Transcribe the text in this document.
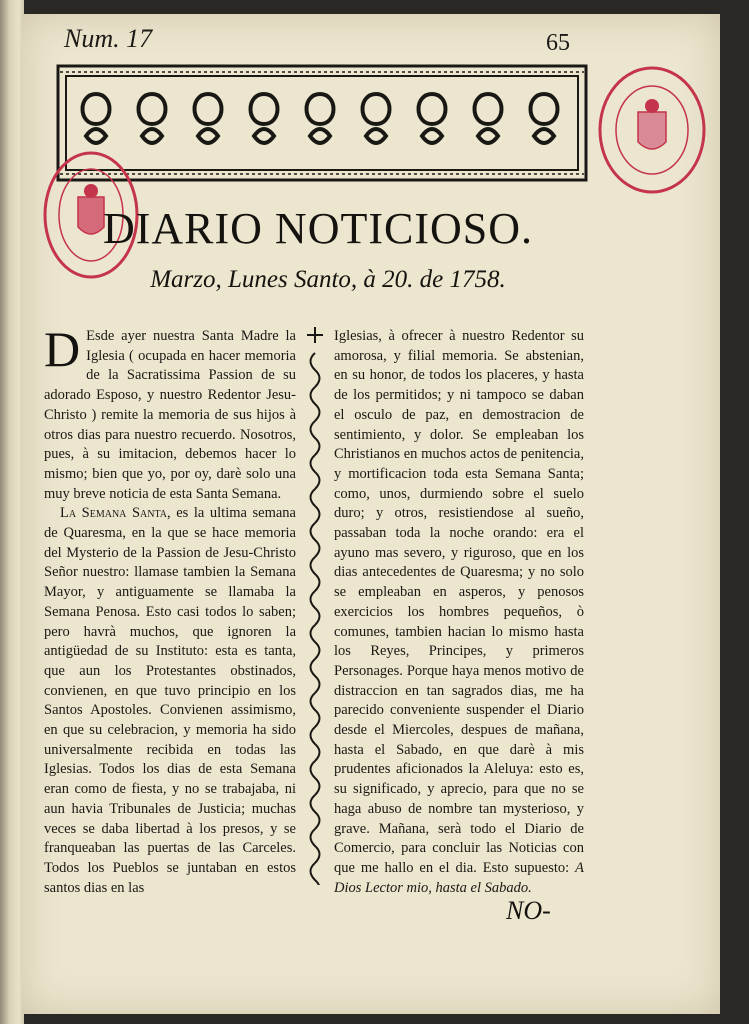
Num. 17	65
DIARIO NOTICIOSO.
Marzo, Lunes Santo, à 20. de 1758.

D Esde ayer nuestra Santa Madre la Iglesia ( ocupada en hacer memoria de la Sacratissima Passion de su adorado Esposo, y nuestro Redentor Jesu-Christo ) remite la memoria de sus hijos à otros dias para nuestro recuerdo. Nosotros, pues, à su imitacion, debemos hacer lo mismo; bien que yo, por oy, darè solo una muy breve noticia de esta Santa Semana.

La Semana Santa, es la ultima semana de Quaresma, en la que se hace memoria del Mysterio de la Passion de Jesu-Christo Señor nuestro: llamase tambien la Semana Mayor, y antiguamente se llamaba la Semana Penosa. Esto casi todos lo saben; pero havrà muchos, que ignoren la antigüedad de su Instituto: esta es tanta, que aun los Protestantes obstinados, convienen, en que tuvo principio en los Santos Apostoles. Convienen assimismo, en que su celebracion, y memoria ha sido universalmente recibida en todas las Iglesias. Todos los dias de esta Semana eran como de fiesta, y no se trabajaba, ni aun havia Tribunales de Justicia; muchas veces se daba libertad à los presos, y se franqueaban las puertas de las Carceles. Todos los Pueblos se juntaban en estos santos dias en las

Iglesias, à ofrecer à nuestro Redentor su amorosa, y filial memoria. Se abstenian, en su honor, de todos los placeres, y hasta de los permitidos; y ni tampoco se daban el osculo de paz, en demostracion de sentimiento, y dolor. Se empleaban los Christianos en muchos actos de penitencia, y mortificacion toda esta Semana Santa; como, unos, durmiendo sobre el suelo duro; y otros, resistiendose al sueño, passaban toda la noche orando: era el ayuno mas severo, y rigurosо, que en los dias antecedentes de Quaresma; y no solo se empleaban en asperos, y penosos exercicios los hombres pequeños, ò comunes, tambien hacian lo mismo hasta los Reyes, Principes, y primeros Personages. Porque haya menos motivo de distraccion en tan sagrados dias, me ha parecido conveniente suspender el Diario desde el Miercoles, despues de mañana, hasta el Sabado, en que darè à mis prudentes aficionados la Aleluya: esto es, su significado, y aprecio, para que no se haga abuso de nombre tan mysterioso, y grave. Mañana, serà todo el Diario de Comercio, para concluir las Noticias con que me hallo en el dia. Esto supuesto: A Dios Lector mio, hasta el Sabado.

NO-
